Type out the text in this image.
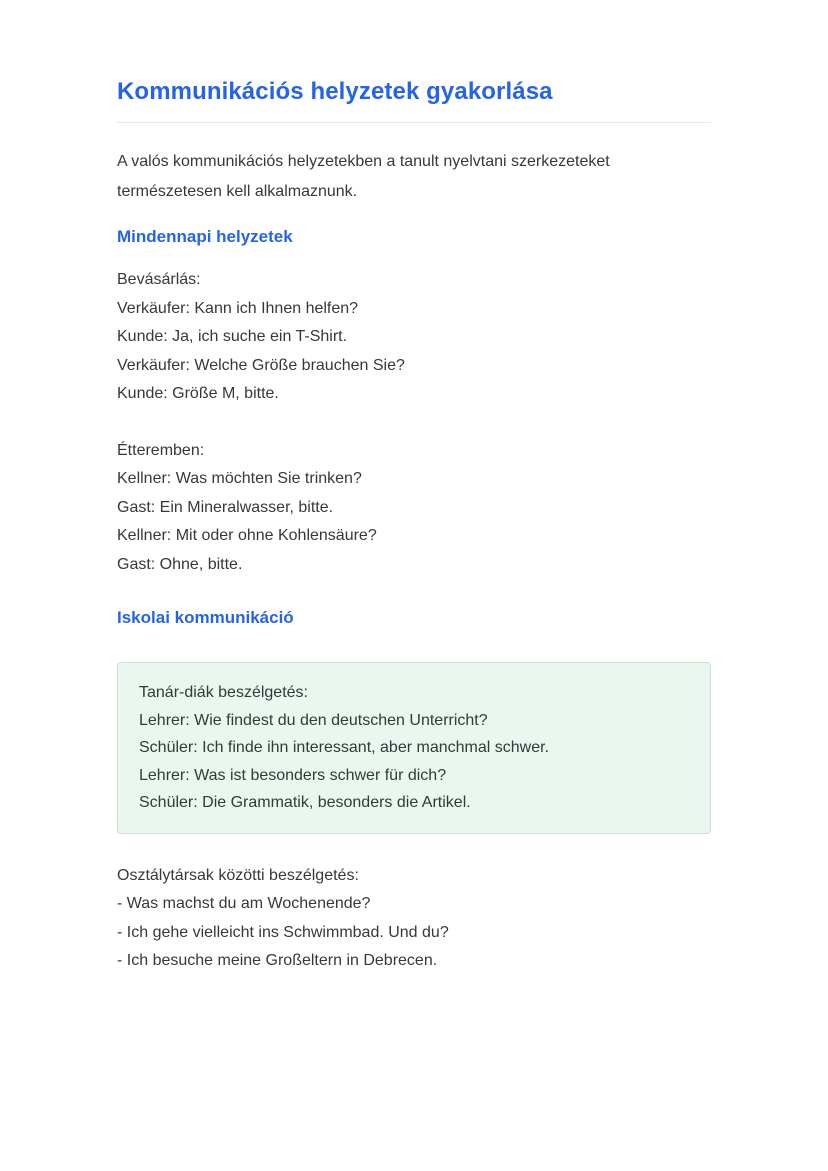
Kommunikációs helyzetek gyakorlása

A valós kommunikációs helyzetekben a tanult nyelvtani szerkezeteket természetesen kell alkalmaznunk.

Mindennapi helyzetek
Bevásárlás:
Verkäufer: Kann ich Ihnen helfen?
Kunde: Ja, ich suche ein T-Shirt.
Verkäufer: Welche Größe brauchen Sie?
Kunde: Größe M, bitte.
Étteremben:
Kellner: Was möchten Sie trinken?
Gast: Ein Mineralwasser, bitte.
Kellner: Mit oder ohne Kohlensäure?
Gast: Ohne, bitte.
Iskolai kommunikáció
Tanár-diák beszélgetés:
Lehrer: Wie findest du den deutschen Unterricht?
Schüler: Ich finde ihn interessant, aber manchmal schwer.
Lehrer: Was ist besonders schwer für dich?
Schüler: Die Grammatik, besonders die Artikel.
Osztálytársak közötti beszélgetés:
- Was machst du am Wochenende?
- Ich gehe vielleicht ins Schwimmbad. Und du?
- Ich besuche meine Großeltern in Debrecen.
